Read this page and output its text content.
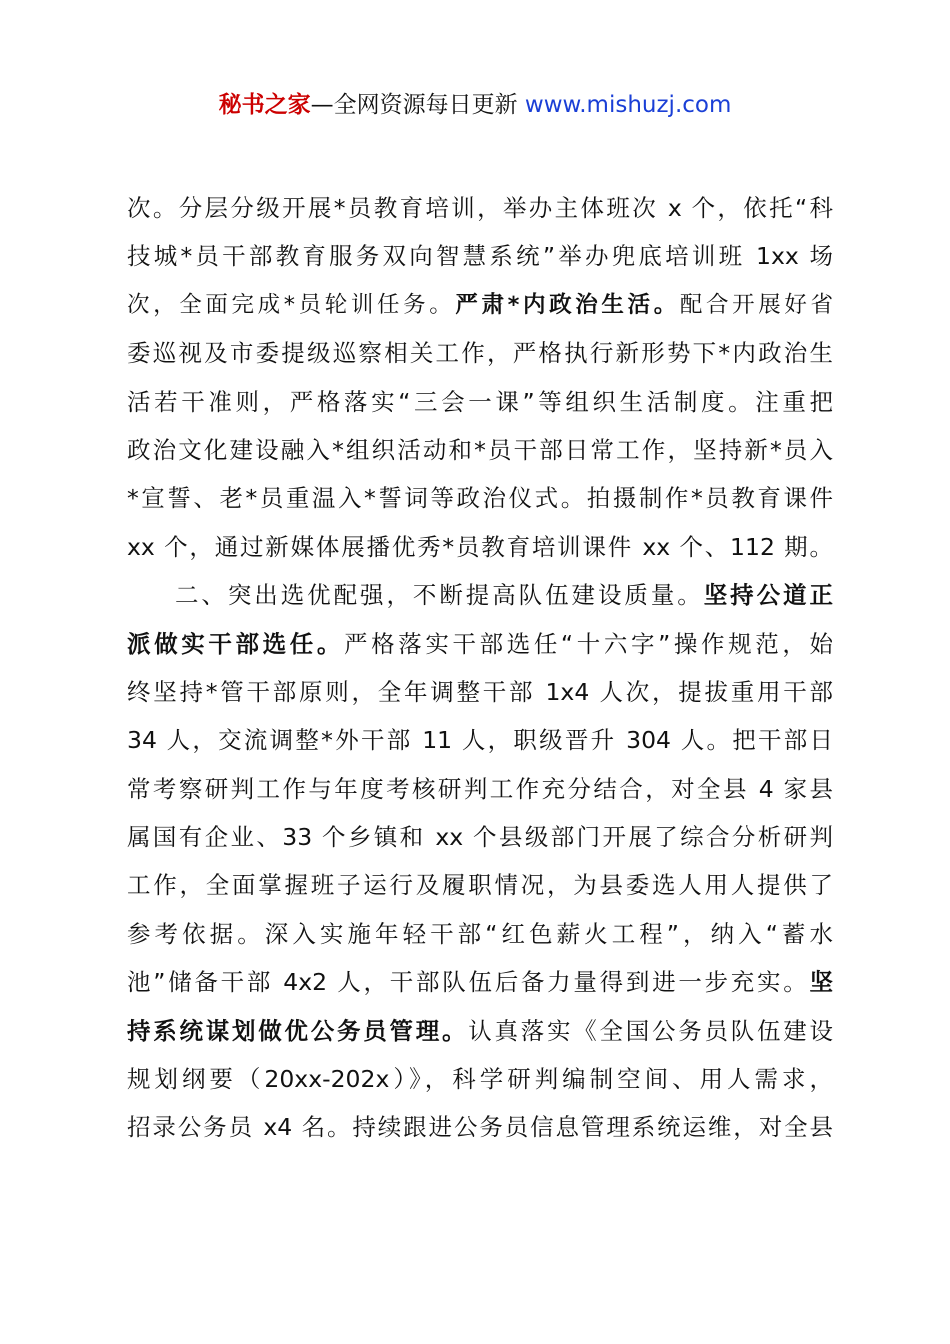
秘书之家—全网资源每日更新 www.mishuzj.com
次。分层分级开展*员教育培训，举办主体班次 x 个，依托“科
技城*员干部教育服务双向智慧系统”举办兜底培训班 1xx 场
次，全面完成*员轮训任务。严肃*内政治生活。配合开展好省
委巡视及市委提级巡察相关工作，严格执行新形势下*内政治生
活若干准则，严格落实“三会一课”等组织生活制度。注重把
政治文化建设融入*组织活动和*员干部日常工作，坚持新*员入
*宣誓、老*员重温入*誓词等政治仪式。拍摄制作*员教育课件
xx 个，通过新媒体展播优秀*员教育培训课件 xx 个、112 期。
二、突出选优配强，不断提高队伍建设质量。坚持公道正
派做实干部选任。严格落实干部选任“十六字”操作规范，始
终坚持*管干部原则，全年调整干部 1x4 人次，提拔重用干部
34 人，交流调整*外干部 11 人，职级晋升 304 人。把干部日
常考察研判工作与年度考核研判工作充分结合，对全县 4 家县
属国有企业、33 个乡镇和 xx 个县级部门开展了综合分析研判
工作，全面掌握班子运行及履职情况，为县委选人用人提供了
参考依据。深入实施年轻干部“红色薪火工程”，纳入“蓄水
池”储备干部 4x2 人，干部队伍后备力量得到进一步充实。坚
持系统谋划做优公务员管理。认真落实《全国公务员队伍建设
规划纲要（20xx-202x）》，科学研判编制空间、用人需求，
招录公务员 x4 名。持续跟进公务员信息管理系统运维，对全县
